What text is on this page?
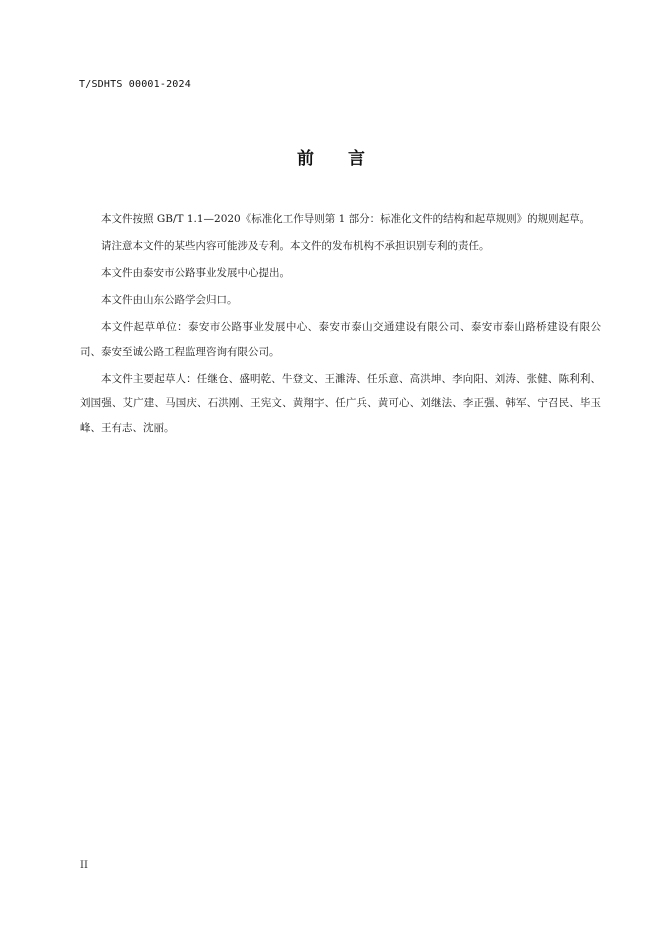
T/SDHTS 00001-2024
前 言

本文件按照 GB/T 1.1—2020《标准化工作导则第 1 部分：标准化文件的结构和起草规则》的规则起草。

请注意本文件的某些内容可能涉及专利。本文件的发布机构不承担识别专利的责任。

本文件由泰安市公路事业发展中心提出。

本文件由山东公路学会归口。

本文件起草单位：泰安市公路事业发展中心、泰安市泰山交通建设有限公司、泰安市泰山路桥建设有限公司、泰安至诚公路工程监理咨询有限公司。

本文件主要起草人：任继仓、盛明乾、牛登文、王濉涛、任乐意、高洪坤、李向阳、刘涛、张健、陈利利、刘国强、艾广建、马国庆、石洪刚、王宪文、黄翔宇、任广兵、黄可心、刘继法、李正强、韩军、宁召民、毕玉峰、王有志、沈丽。

II
